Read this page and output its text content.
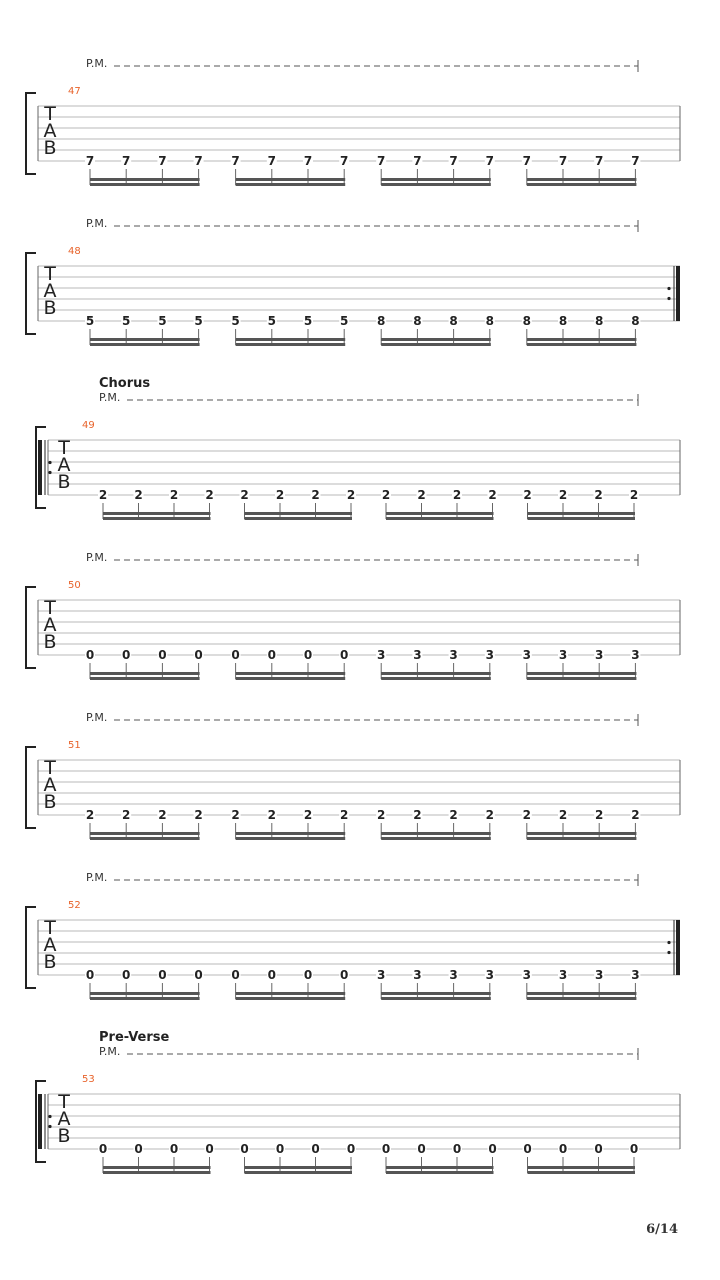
T
A
B
47
P.M.
7 7 7 7 7 7 7 7 7 7 7 7 7 7 7 7
T
A
B
48
P.M.
5 5 5 5 5 5 5 5 8 8 8 8 8 8 8 8
T
A
B
49
Chorus
P.M.
2 2 2 2 2 2 2 2 2 2 2 2 2 2 2 2
T
A
B
50
P.M.
0 0 0 0 0 0 0 0 3 3 3 3 3 3 3 3
T
A
B
51
P.M.
2 2 2 2 2 2 2 2 2 2 2 2 2 2 2 2
T
A
B
52
P.M.
0 0 0 0 0 0 0 0 3 3 3 3 3 3 3 3
T
A
B
53
Pre-Verse
P.M.
0 0 0 0 0 0 0 0 0 0 0 0 0 0 0 0
6/14
